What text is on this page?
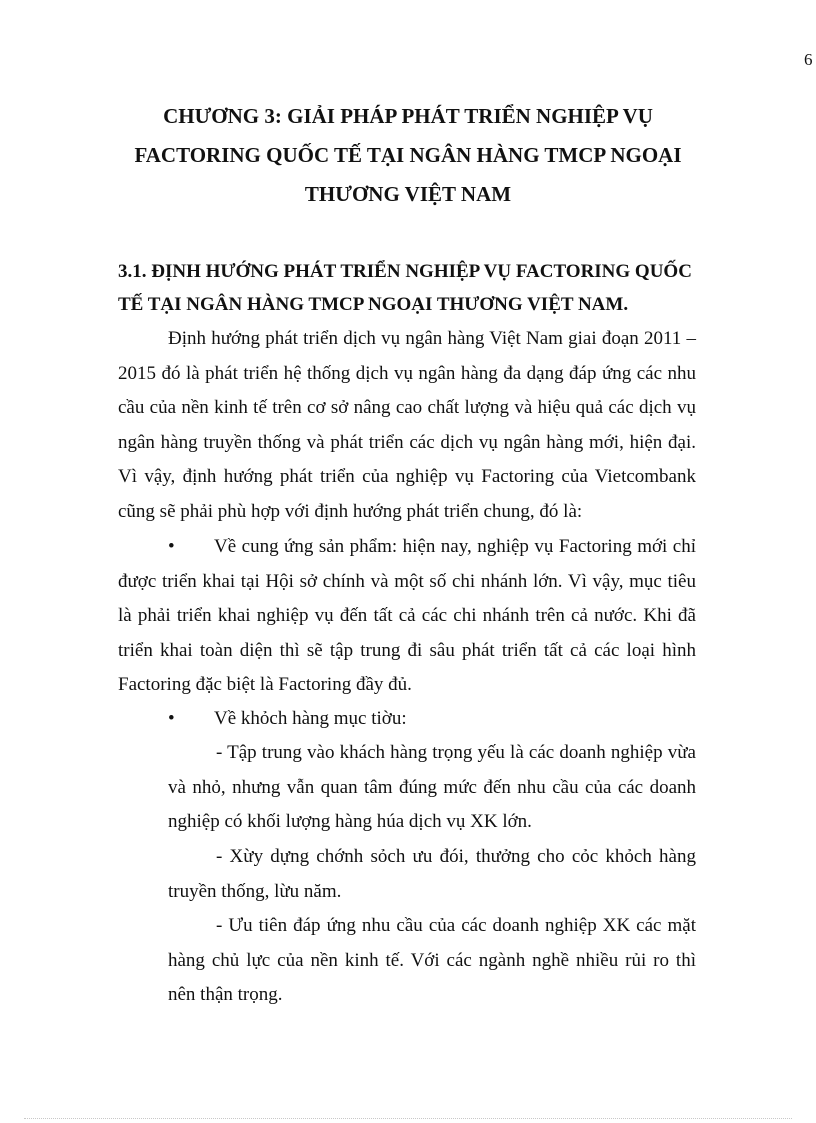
6
CHƯƠNG 3: GIẢI PHÁP PHÁT TRIỂN NGHIỆP VỤ
FACTORING QUỐC TẾ TẠI NGÂN HÀNG TMCP NGOẠI
THƯƠNG VIỆT NAM
3.1. ĐỊNH HƯỚNG PHÁT TRIỂN NGHIỆP VỤ FACTORING QUỐC
TẾ TẠI NGÂN HÀNG TMCP NGOẠI THƯƠNG VIỆT NAM.
Định hướng phát triển dịch vụ ngân hàng Việt Nam giai đoạn 2011 – 2015 đó là phát triển hệ thống dịch vụ ngân hàng đa dạng đáp ứng các nhu cầu của nền kinh tế trên cơ sở nâng cao chất lượng và hiệu quả các dịch vụ ngân hàng truyền thống và phát triển các dịch vụ ngân hàng mới, hiện đại. Vì vậy, định hướng phát triển của nghiệp vụ Factoring của Vietcombank cũng sẽ phải phù hợp với định hướng phát triển chung, đó là:
•	Về cung ứng sản phẩm: hiện nay, nghiệp vụ Factoring mới chỉ được triển khai tại Hội sở chính và một số chi nhánh lớn. Vì vậy, mục tiêu là phải triển khai nghiệp vụ đến tất cả các chi nhánh trên cả nước. Khi đã triển khai toàn diện thì sẽ tập trung đi sâu phát triển tất cả các loại hình Factoring đặc biệt là Factoring đầy đủ.
•	Về khỏch hàng mục tiờu:
- Tập trung vào khách hàng trọng yếu là các doanh nghiệp vừa và nhỏ, nhưng vẫn quan tâm đúng mức đến nhu cầu của các doanh nghiệp có khối lượng hàng húa dịch vụ XK lớn.
- Xừy dựng chớnh sỏch ưu đói, thưởng cho cỏc khỏch hàng truyền thống, lừu năm.
- Ưu tiên đáp ứng nhu cầu của các doanh nghiệp XK các mặt hàng chủ lực của nền kinh tế. Với các ngành nghề nhiều rủi ro thì nên thận trọng.
